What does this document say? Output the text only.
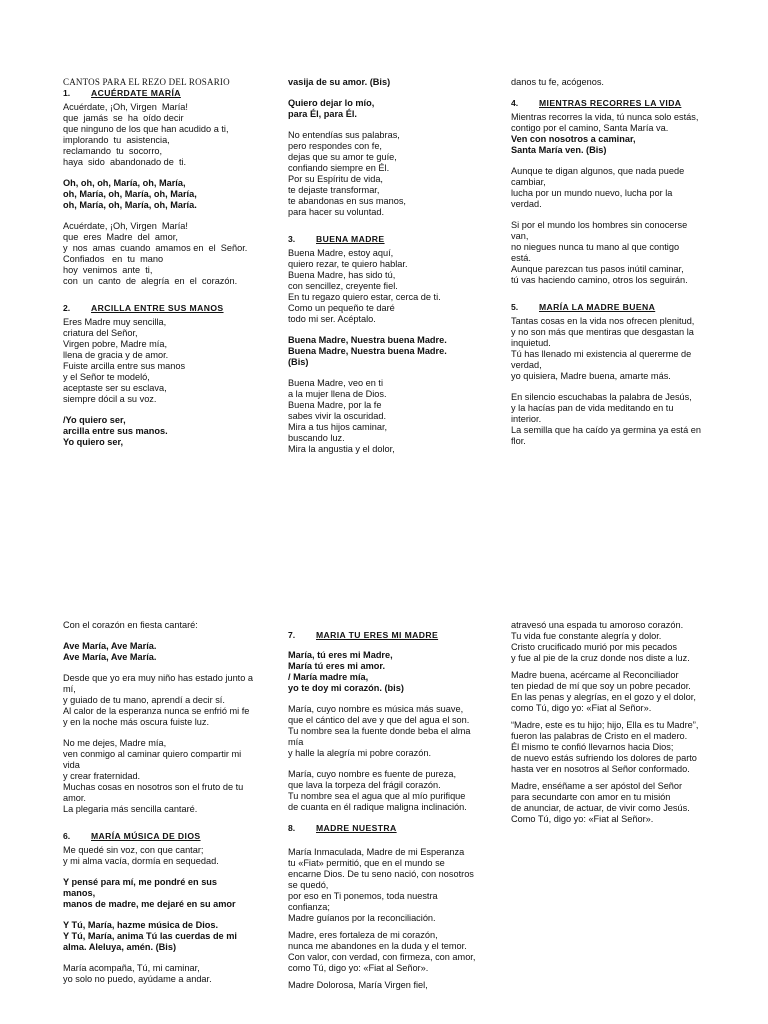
CANTOS PARA EL REZO DEL ROSARIO

1.	ACUÉRDATE MARÍA

Acuérdate, ¡Oh, Virgen  María!
que  jamás  se  ha  oído decir
que ninguno de los que han acudido a ti,
implorando  tu  asistencia,
reclamando  tu  socorro,
haya  sido  abandonado de  ti.

Oh, oh, oh, María, oh, María,
oh, María, oh, María, oh, María,
oh, María, oh, María, oh, María.

Acuérdate, ¡Oh, Virgen  María!
que  eres  Madre  del  amor,
y  nos  amas  cuando  amamos en  el  Señor.
Confiados   en  tu  mano
hoy  venimos  ante  ti,
con  un  canto  de  alegría  en  el  corazón.

2.	ARCILLA ENTRE SUS MANOS

Eres Madre muy sencilla,
criatura del Señor,
Virgen pobre, Madre mía,
llena de gracia y de amor.
Fuiste arcilla entre sus manos
y el Señor te modeló,
aceptaste ser su esclava,
siempre dócil a su voz.

/Yo quiero ser,
arcilla entre sus manos.
Yo quiero ser,

vasija de su amor. (Bis)

Quiero dejar lo mío,
para Él, para Él.

No entendías sus palabras,
pero respondes con fe,
dejas que su amor te guíe,
confiando siempre en Él.
Por su Espíritu de vida,
te dejaste transformar,
te abandonas en sus manos,
para hacer su voluntad.

3.	BUENA MADRE

Buena Madre, estoy aquí,
quiero rezar, te quiero hablar.
Buena Madre, has sido tú,
con sencillez, creyente fiel.
En tu regazo quiero estar, cerca de ti.
Como un pequeño te daré
todo mi ser. Acéptalo.

Buena Madre, Nuestra buena Madre.
Buena Madre, Nuestra buena Madre.
(Bis)

Buena Madre, veo en ti
a la mujer llena de Dios.
Buena Madre, por la fe
sabes vivir la oscuridad.
Mira a tus hijos caminar,
buscando luz.
Mira la angustia y el dolor,

danos tu fe, acógenos.

4.	MIENTRAS RECORRES LA VIDA

Mientras recorres la vida, tú nunca solo estás,
contigo por el camino, Santa María va.

Ven con nosotros a caminar,
Santa María ven. (Bis)

Aunque te digan algunos, que nada puede
cambiar,
lucha por un mundo nuevo, lucha por la
verdad.

Si por el mundo los hombres sin conocerse
van,
no niegues nunca tu mano al que contigo
está.
Aunque parezcan tus pasos inútil caminar,
tú vas haciendo camino, otros los seguirán.

5.	MARÍA LA MADRE BUENA

Tantas cosas en la vida nos ofrecen plenitud,
y no son más que mentiras que desgastan la
inquietud.
Tú has llenado mi existencia al quererme de
verdad,
yo quisiera, Madre buena, amarte más.

En silencio escuchabas la palabra de Jesús,
y la hacías pan de vida meditando en tu
interior.
La semilla que ha caído ya germina ya está en
flor.

Con el corazón en fiesta cantaré:

Ave María, Ave María.
Ave María, Ave María.

Desde que yo era muy niño has estado junto a
mí,
y guiado de tu mano, aprendí a decir sí.
Al calor de la esperanza nunca se enfrió mi fe
y en la noche más oscura fuiste luz.

No me dejes, Madre mía,
ven conmigo al caminar quiero compartir mi
vida
y crear fraternidad.
Muchas cosas en nosotros son el fruto de tu
amor.
La plegaria más sencilla cantaré.

6.	MARÍA MÚSICA DE DIOS

Me quedé sin voz, con que cantar;
y mi alma vacía, dormía en sequedad.

Y pensé para mí, me pondré en sus
manos,
manos de madre, me dejaré en su amor

Y Tú, María, hazme música de Dios.
Y Tú, María, anima Tú las cuerdas de mi
alma. Aleluya, amén. (Bis)

María acompaña, Tú, mi caminar,
yo solo no puedo, ayúdame a andar.

7.	MARIA TU ERES MI MADRE

María, tú eres mi Madre,
María tú eres mi amor.
/ María madre mía,
yo te doy mi corazón. (bis)

María, cuyo nombre es música más suave,
que el cántico del ave y que del agua el son.
Tu nombre sea la fuente donde beba el alma
mía
y halle la alegría mi pobre corazón.

María, cuyo nombre es fuente de pureza,
que lava la torpeza del frágil corazón.
Tu nombre sea el agua que al mío purifique
de cuanta en él radique maligna inclinación.

8.	MADRE NUESTRA

María Inmaculada, Madre de mi Esperanza
tu «Fiat» permitió, que en el mundo se
encarne Dios. De tu seno nació, con nosotros
se quedó,
por eso en Ti ponemos, toda nuestra
confianza;
Madre guíanos por la reconciliación.

Madre, eres fortaleza de mi corazón,
nunca me abandones en la duda y el temor.
Con valor, con verdad, con firmeza, con amor,
como Tú, digo yo: «Fiat al Señor».

Madre Dolorosa, María Virgen fiel,

atravesó una espada tu amoroso corazón.
Tu vida fue constante alegría y dolor.
Cristo crucificado murió por mis pecados
y fue al pie de la cruz donde nos diste a luz.

Madre buena, acércame al Reconciliador
ten piedad de mí que soy un pobre pecador.
En las penas y alegrías, en el gozo y el dolor,
como Tú, digo yo: «Fiat al Señor».

“Madre, este es tu hijo; hijo, Ella es tu Madre”,
fueron las palabras de Cristo en el madero.
Él mismo te confió llevarnos hacia Dios;
de nuevo estás sufriendo los dolores de parto
hasta ver en nosotros al Señor conformado.

Madre, enséñame a ser apóstol del Señor
para secundarte con amor en tu misión
de anunciar, de actuar, de vivir como Jesús.
Como Tú, digo yo: «Fiat al Señor».
